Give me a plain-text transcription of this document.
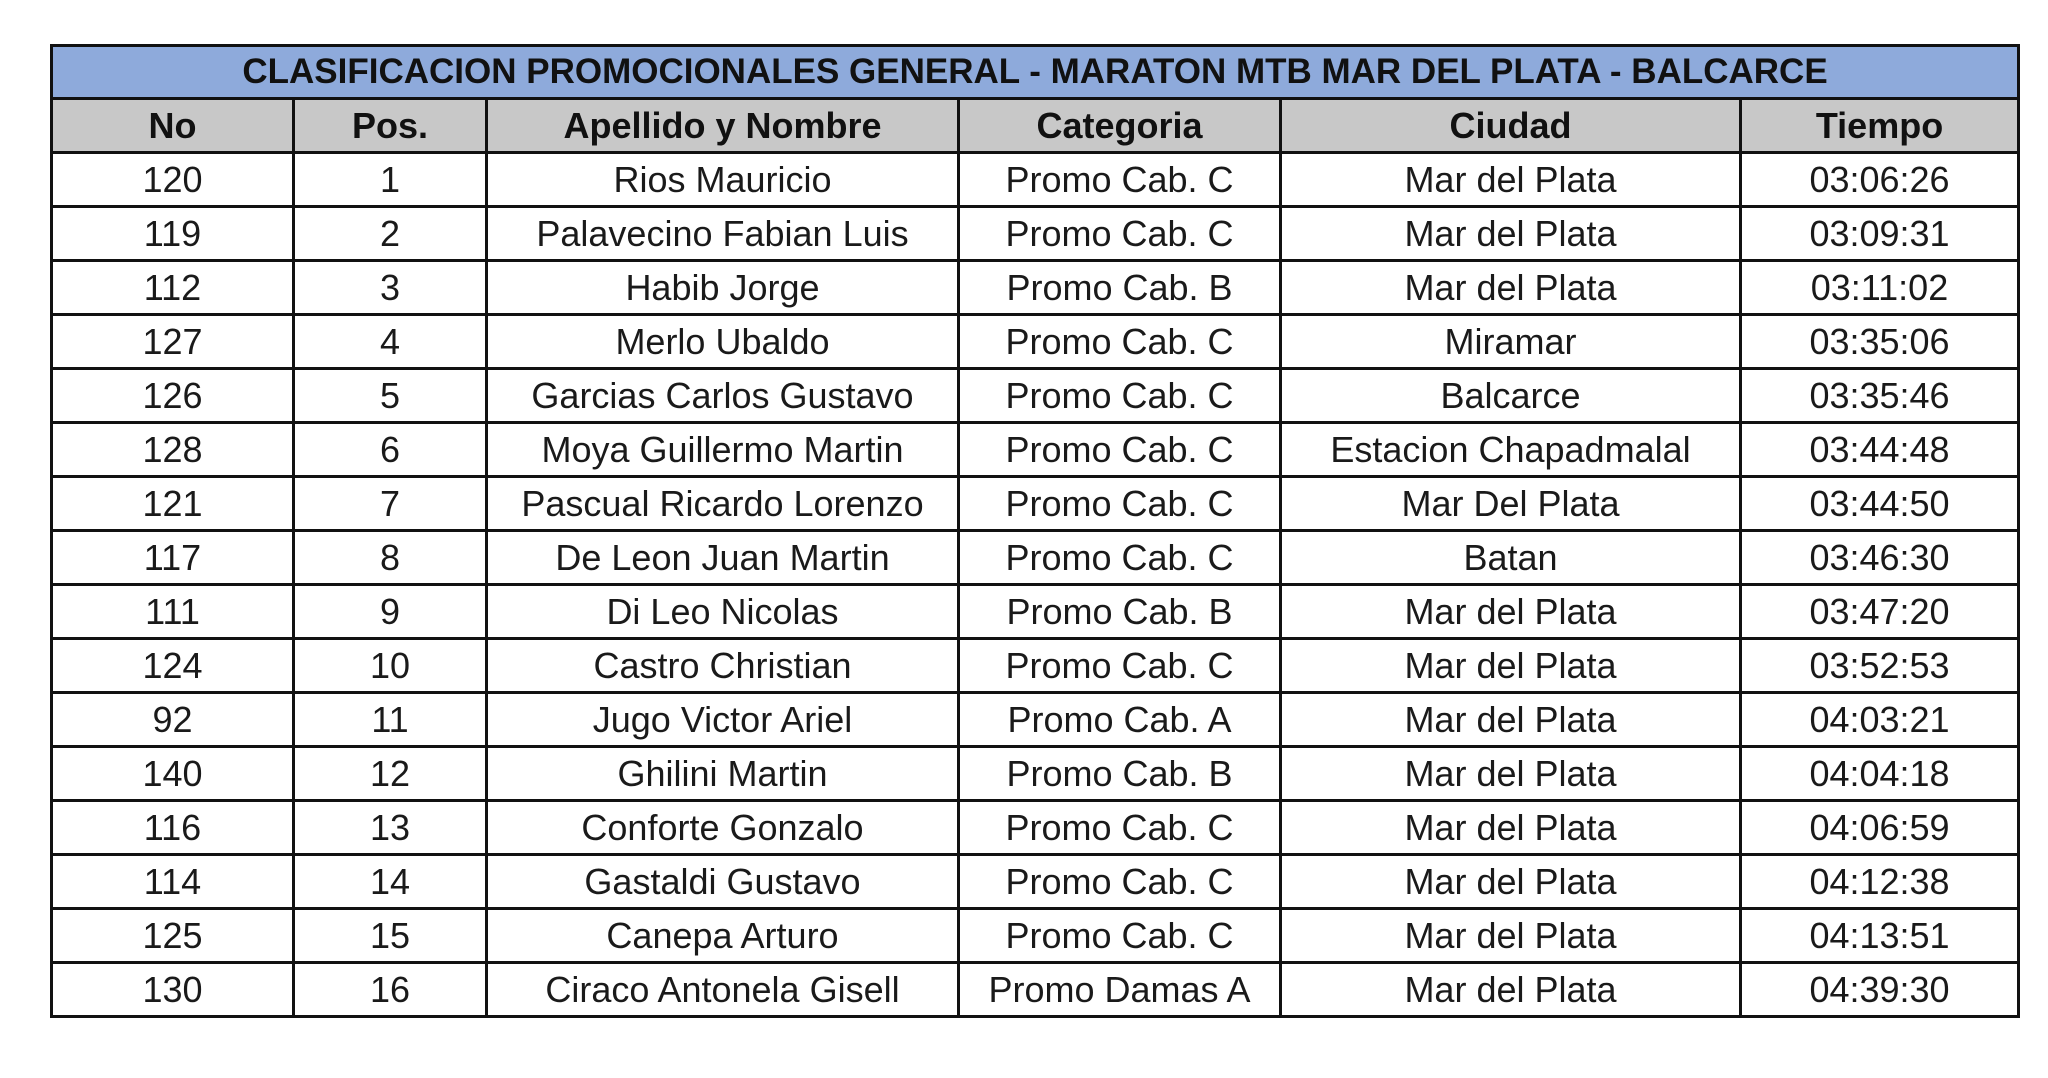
CLASIFICACION PROMOCIONALES GENERAL - MARATON MTB MAR DEL PLATA - BALCARCE					
No	Pos.	Apellido y Nombre	Categoria	Ciudad	Tiempo
120	1	Rios Mauricio	Promo Cab. C	Mar del Plata	03:06:26
119	2	Palavecino Fabian Luis	Promo Cab. C	Mar del Plata	03:09:31
112	3	Habib Jorge	Promo Cab. B	Mar del Plata	03:11:02
127	4	Merlo Ubaldo	Promo Cab. C	Miramar	03:35:06
126	5	Garcias Carlos Gustavo	Promo Cab. C	Balcarce	03:35:46
128	6	Moya Guillermo Martin	Promo Cab. C	Estacion Chapadmalal	03:44:48
121	7	Pascual Ricardo Lorenzo	Promo Cab. C	Mar Del Plata	03:44:50
117	8	De Leon Juan Martin	Promo Cab. C	Batan	03:46:30
111	9	Di Leo Nicolas	Promo Cab. B	Mar del Plata	03:47:20
124	10	Castro Christian	Promo Cab. C	Mar del Plata	03:52:53
92	11	Jugo Victor Ariel	Promo Cab. A	Mar del Plata	04:03:21
140	12	Ghilini Martin	Promo Cab. B	Mar del Plata	04:04:18
116	13	Conforte Gonzalo	Promo Cab. C	Mar del Plata	04:06:59
114	14	Gastaldi Gustavo	Promo Cab. C	Mar del Plata	04:12:38
125	15	Canepa Arturo	Promo Cab. C	Mar del Plata	04:13:51
130	16	Ciraco Antonela Gisell	Promo Damas A	Mar del Plata	04:39:30
